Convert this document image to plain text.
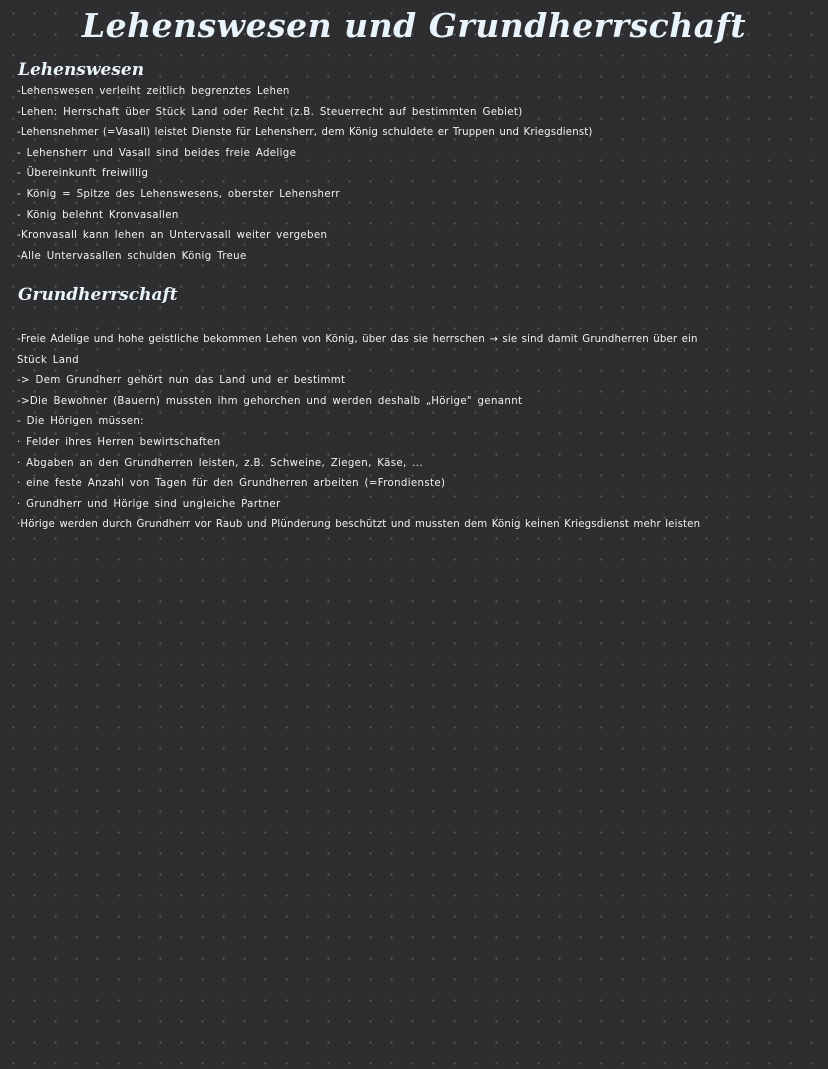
Lehenswesen und Grundherrschaft
Lehenswesen
-Lehenswesen verleiht zeitlich begrenztes Lehen
-Lehen: Herrschaft über Stück Land oder Recht (z.B. Steuerrecht auf bestimmten Gebiet)
-Lehensnehmer (=Vasall) leistet Dienste für Lehensherr, dem König schuldete er Truppen und Kriegsdienst)
- Lehensherr und Vasall sind beides freie Adelige
- Übereinkunft freiwillig
- König = Spitze des Lehenswesens, oberster Lehensherr
- König belehnt Kronvasallen
-Kronvasall kann lehen an Untervasall weiter vergeben
-Alle Untervasallen schulden König Treue
Grundherrschaft
-Freie Adelige und hohe geistliche bekommen Lehen von König, über das sie herrschen → sie sind damit Grundherren über ein
Stück Land
-> Dem Grundherr gehört nun das Land und er bestimmt
->Die Bewohner (Bauern) mussten ihm gehorchen und werden deshalb „Hörige" genannt
- Die Hörigen müssen:
· Felder ihres Herren bewirtschaften
· Abgaben an den Grundherren leisten, z.B. Schweine, Ziegen, Käse, ...
· eine feste Anzahl von Tagen für den Grundherren arbeiten (=Frondienste)
· Grundherr und Hörige sind ungleiche Partner
·Hörige werden durch Grundherr vor Raub und Plünderung beschützt und mussten dem König keinen Kriegsdienst mehr leisten
